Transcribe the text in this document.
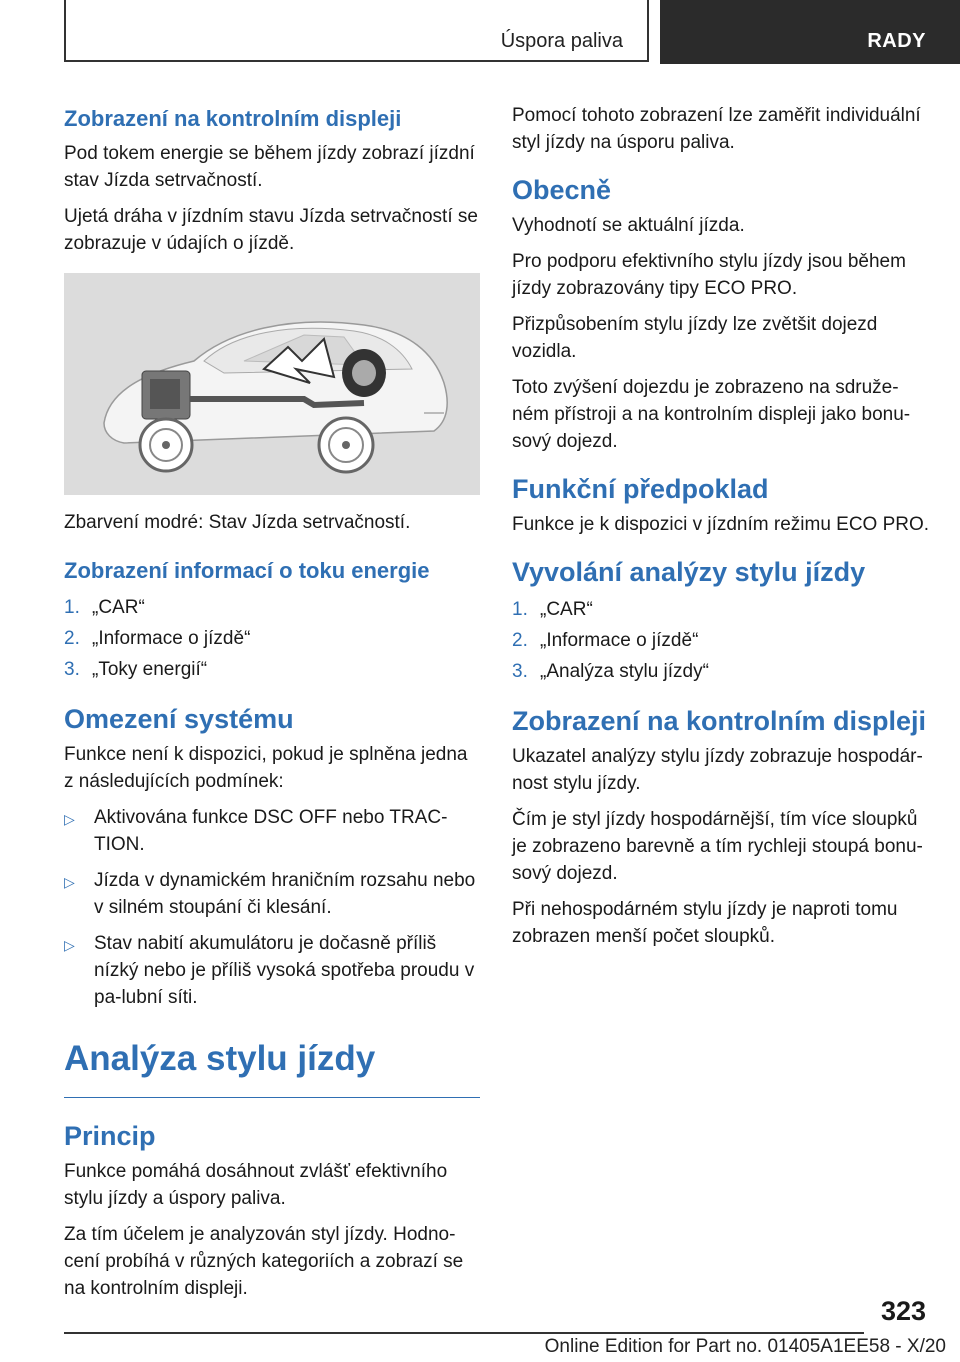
Úspora paliva	RADY
Zobrazení na kontrolním displeji

Pod tokem energie se během jízdy zobrazí jízdní stav Jízda setrvačností.

Ujetá dráha v jízdním stavu Jízda setrvačností se zobrazuje v údajích o jízdě.

Zbarvení modré: Stav Jízda setrvačností.

Zobrazení informací o toku energie
1. „CAR“
2. „Informace o jízdě“
3. „Toky energií“
Omezení systému

Funkce není k dispozici, pokud je splněna jedna z následujících podmínek:

▷	Aktivována funkce DSC OFF nebo TRAC-TION.
▷	Jízda v dynamickém hraničním rozsahu nebo v silném stoupání či klesání.
▷	Stav nabití akumulátoru je dočasně příliš nízký nebo je příliš vysoká spotřeba proudu v pa-lubní síti.
Analýza stylu jízdy
Princip

Funkce pomáhá dosáhnout zvlášť efektivního stylu jízdy a úspory paliva.

Za tím účelem je analyzován styl jízdy. Hodno-cení probíhá v různých kategoriích a zobrazí se na kontrolním displeji.

Pomocí tohoto zobrazení lze zaměřit individuální styl jízdy na úsporu paliva.

Obecně

Vyhodnotí se aktuální jízda.

Pro podporu efektivního stylu jízdy jsou během jízdy zobrazovány tipy ECO PRO.

Přizpůsobením stylu jízdy lze zvětšit dojezd vozidla.

Toto zvýšení dojezdu je zobrazeno na sdruže-ném přístroji a na kontrolním displeji jako bonu-sový dojezd.

Funkční předpoklad

Funkce je k dispozici v jízdním režimu ECO PRO.

Vyvolání analýzy stylu jízdy
1. „CAR“
2. „Informace o jízdě“
3. „Analýza stylu jízdy“
Zobrazení na kontrolním displeji

Ukazatel analýzy stylu jízdy zobrazuje hospodár-nost stylu jízdy.

Čím je styl jízdy hospodárnější, tím více sloupků je zobrazeno barevně a tím rychleji stoupá bonu-sový dojezd.

Při nehospodárném stylu jízdy je naproti tomu zobrazen menší počet sloupků.

323
Online Edition for Part no. 01405A1EE58 - X/20
